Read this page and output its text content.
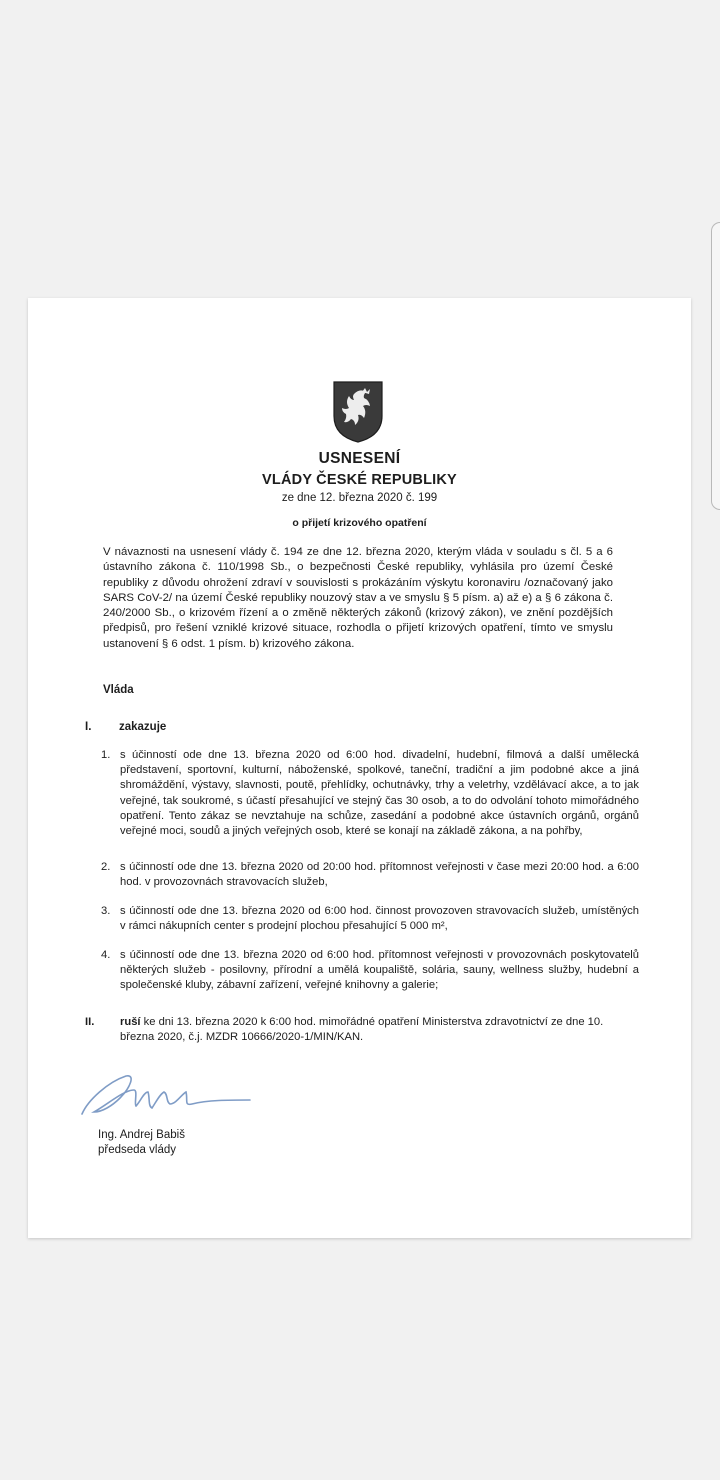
USNESENÍ
VLÁDY ČESKÉ REPUBLIKY
ze dne 12. března 2020 č. 199
o přijetí krizového opatření
V návaznosti na usnesení vlády č. 194 ze dne 12. března 2020, kterým vláda v souladu s čl. 5 a 6 ústavního zákona č. 110/1998 Sb., o bezpečnosti České republiky, vyhlásila pro území České republiky z důvodu ohrožení zdraví v souvislosti s prokázáním výskytu koronaviru /označovaný jako SARS CoV-2/ na území České republiky nouzový stav a ve smyslu § 5 písm. a) až e) a § 6 zákona č. 240/2000 Sb., o krizovém řízení a o změně některých zákonů (krizový zákon), ve znění pozdějších předpisů, pro řešení vzniklé krizové situace, rozhodla o přijetí krizových opatření, tímto ve smyslu ustanovení § 6 odst. 1 písm. b) krizového zákona.
Vláda
I. zakazuje
1. s účinností ode dne 13. března 2020 od 6:00 hod. divadelní, hudební, filmová a další umělecká představení, sportovní, kulturní, náboženské, spolkové, taneční, tradiční a jim podobné akce a jiná shromáždění, výstavy, slavnosti, poutě, přehlídky, ochutnávky, trhy a veletrhy, vzdělávací akce, a to jak veřejné, tak soukromé, s účastí přesahující ve stejný čas 30 osob, a to do odvolání tohoto mimořádného opatření. Tento zákaz se nevztahuje na schůze, zasedání a podobné akce ústavních orgánů, orgánů veřejné moci, soudů a jiných veřejných osob, které se konají na základě zákona, a na pohřby,
2. s účinností ode dne 13. března 2020 od 20:00 hod. přítomnost veřejnosti v čase mezi 20:00 hod. a 6:00 hod. v provozovnách stravovacích služeb,
3. s účinností ode dne 13. března 2020 od 6:00 hod. činnost provozoven stravovacích služeb, umístěných v rámci nákupních center s prodejní plochou přesahující 5 000 m²,
4. s účinností ode dne 13. března 2020 od 6:00 hod. přítomnost veřejnosti v provozovnách poskytovatelů některých služeb - posilovny, přírodní a umělá koupaliště, solária, sauny, wellness služby, hudební a společenské kluby, zábavní zařízení, veřejné knihovny a galerie;
II. ruší ke dni 13. března 2020 k 6:00 hod. mimořádné opatření Ministerstva zdravotnictví ze dne 10. března 2020, č.j. MZDR 10666/2020-1/MIN/KAN.
Ing. Andrej Babiš
předseda vlády
